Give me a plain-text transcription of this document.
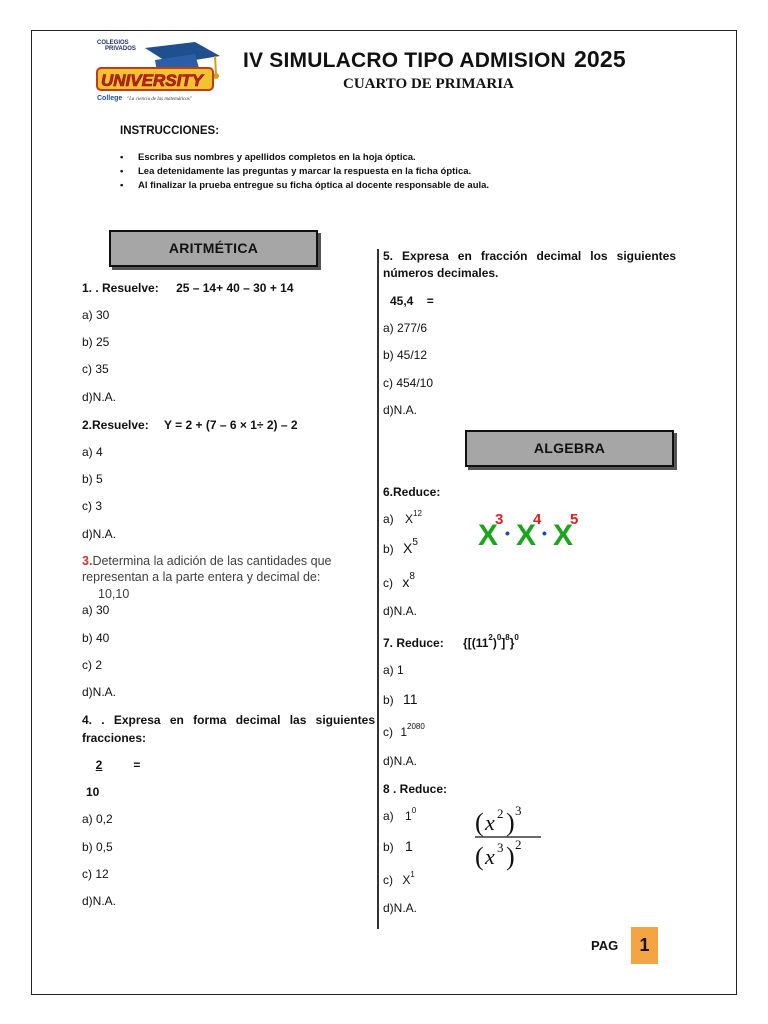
COLEGIOS
PRIVADOS
UNIVERSITY
College "La ciencia de las matemáticas"
IV SIMULACRO TIPO ADMISION 2025
CUARTO DE PRIMARIA
INSTRUCCIONES:
• Escriba sus nombres y apellidos completos en la hoja óptica.
• Lea detenidamente las preguntas y marcar la respuesta en la ficha óptica.
• Al finalizar la prueba entregue su ficha óptica al docente responsable de aula.
ARITMÉTICA
ALGEBRA
1. . Resuelve: 25 – 14+ 40 – 30 + 14
a) 30
b) 25
c) 35
d)N.A.
2.Resuelve: Y = 2 + (7 – 6 × 1÷ 2) – 2
a) 4
b) 5
c) 3
d)N.A.
3.Determina la adición de las cantidades que
representan a la parte entera y decimal de:
10,10
a) 30
b) 40
c) 2
d)N.A.
4. . Expresa en forma decimal las siguientes
fracciones:
2	=
10
a) 0,2
b) 0,5
c) 12
d)N.A.
5. Expresa en fracción decimal los siguientes
números decimales.
45,4 =
a) 277/6
b) 45/12
c) 454/10
d)N.A.
6.Reduce:
a) $X^{12}$
b) $X^5$
c) $x^8$
d)N.A.
X
3
• X
4
• X
5
7. Reduce: $\{[(11^2)^0]^8\}^0$
a) 1
b) 11
c) $1^{2080}$
d)N.A.
8 . Reduce:
a) $1^0$
b) 1
c) $X^1$
d)N.A.
( x 2 ) 3
( x 3 ) 2
PAG	1
